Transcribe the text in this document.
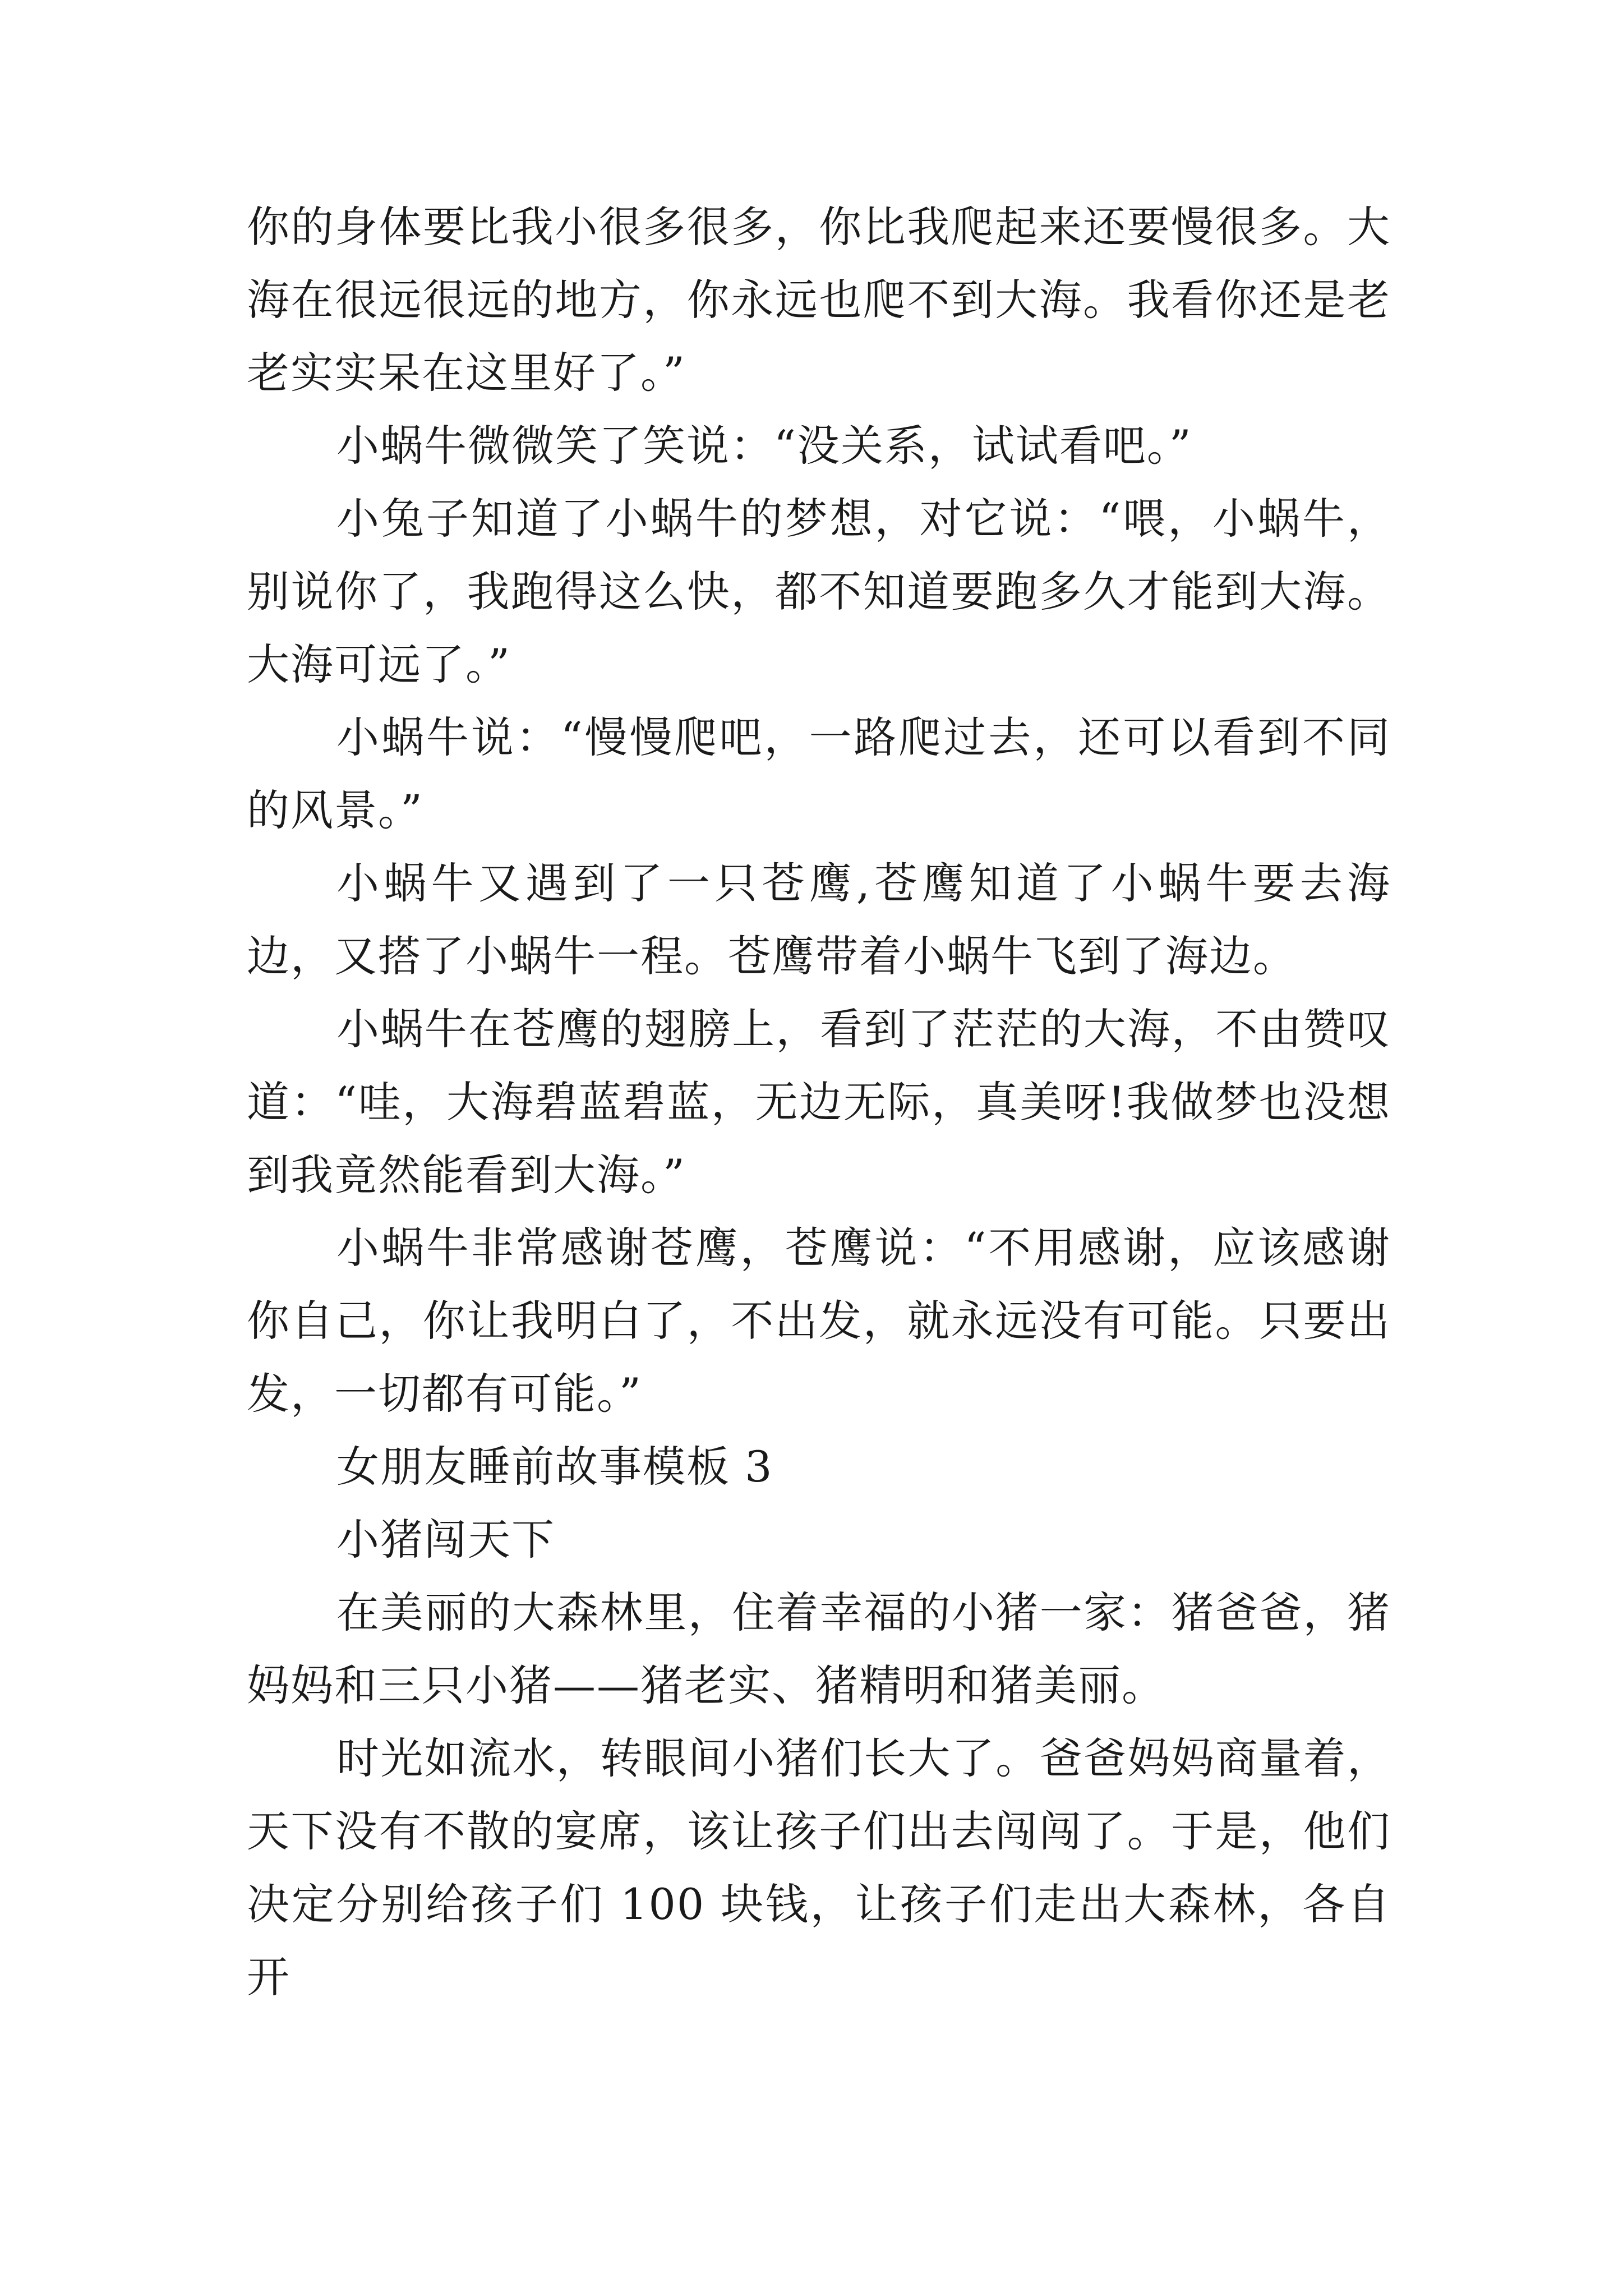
你的身体要比我小很多很多，你比我爬起来还要慢很多。大海在很远很远的地方，你永远也爬不到大海。我看你还是老老实实呆在这里好了。”

小蜗牛微微笑了笑说：“没关系，试试看吧。”

小兔子知道了小蜗牛的梦想，对它说：“喂，小蜗牛，别说你了，我跑得这么快，都不知道要跑多久才能到大海。大海可远了。”

小蜗牛说：“慢慢爬吧，一路爬过去，还可以看到不同的风景。”

小蜗牛又遇到了一只苍鹰,苍鹰知道了小蜗牛要去海边，又搭了小蜗牛一程。苍鹰带着小蜗牛飞到了海边。

小蜗牛在苍鹰的翅膀上，看到了茫茫的大海，不由赞叹道：“哇，大海碧蓝碧蓝，无边无际，真美呀!我做梦也没想到我竟然能看到大海。”

小蜗牛非常感谢苍鹰，苍鹰说：“不用感谢，应该感谢你自己，你让我明白了，不出发，就永远没有可能。只要出发，一切都有可能。”

女朋友睡前故事模板 3

小猪闯天下

在美丽的大森林里，住着幸福的小猪一家：猪爸爸，猪妈妈和三只小猪——猪老实、猪精明和猪美丽。

时光如流水，转眼间小猪们长大了。爸爸妈妈商量着，天下没有不散的宴席，该让孩子们出去闯闯了。于是，他们决定分别给孩子们 100 块钱，让孩子们走出大森林，各自开
